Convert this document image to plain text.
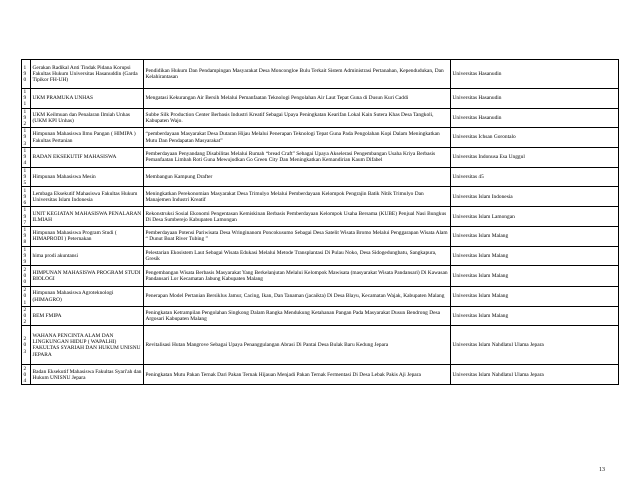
190	Gerakan Radikal Anti Tindak Pidana Korupsi Fakultas Hukum Universitas Hasanuddin (Garda Tipikor FH-UH)	Pendidikan Hukum Dan Pendampingan Masyarakat Desa Moncongloe Bulu Terkait Sistem Administrasi Pertanahan, Kependudukan, Dan Kelahirantasan	Universitas Hasanudin
191	UKM PRAMUKA UNHAS	Mengatasi Kekurangan Air Bersih Melalui Pemanfaatan Teknologi Pengolahan Air Laut Tepat Guna di Dusun Kuri Caddi	Universitas Hasanudin
192	UKM Keilmuan dan Penalaran Ilmiah Unhas (UKM KPI Unhas)	Subbe Silk Production Center Berbasis Industri Kreatif Sebagai Upaya Peningkatan Kearifan Lokal Kain Sutera Khas Desa Tangkoli, Kabupaten Wajo.	Universitas Hasanudin
193	Himpunan Mahasiswa Ilmu Pangan ( HIMIPA ) Fakultas Pertanian	“pemberdayaan Masyarakat Desa Dutaran Hijau Melalui Penerapan Teknologi Tepat Guna Pada Pengolahan Kopi Dalam Meningkatkan Mutu Dan Pendapatan Masyarakat”	Universitas Ichsan Gorontalo
194	BADAN EKSEKUTIF MAHASISWA	Pemberdayaan Penyandang Disabilitas Melalui Rumah “bread Craft” Sebagai Upaya Akselerasi Pengembangan Usaha Kriya Berbasis Pemanfaatan Limbah Roti Guna Mewujudkan Go Green City Dan Meningkatkan Kemandirian Kaum Difabel	Universitas Indonusa Esa Unggul
195	Himpunan Mahasiswa Mesin	Membangun Kampung Drafter	Universitas 45
196	Lembaga Eksekutif Mahasiswa Fakultas Hukum Universitas Islam Indonesia	Meningkatkan Perekonomian Masyarakat Desa Trimulyo Melalui Pemberdayaan Kelompok Pengrajin Batik Nitik Trimulyo Dan Manajemen Industri Kreatif	Universitas Islam Indonesia
197	UNIT KEGIATAN MAHASISWA PENALARAN ILMIAH	Rekonstruksi Sosial Ekonomi Pengentasan Kemiskinan Berbasis Pemberdayaan Kelompok Usaha Bersama (KUBE) Penjual Nasi Bungkus Di Desa Sumberejo Kabupaten Lamongan	Universitas Islam Lamongan
198	Himpunan Mahasiswa Program Studi ( HIMAPRODI ) Peternakan	Pemberdayaan Potensi Pariwisata Desa Wringinanom Poncokusumo Sebagai Desa Satelit Wisata Bromo Melalui Penggarapan Wisata Alam “ Dunut Boat River Tubing ”	Universitas Islam Malang
199	hima prodi akuntansi	Pelestarian Ekosistem Laut Sebagai Wisata Edukasi Melalui Metode Transplantasi Di Pulau Noko, Desa Sidogedungbatu, Sangkapura, Gresik	Universitas Islam Malang
200	HIMPUNAN MAHASISWA PROGRAM STUDI BIOLOGI	Pengembangan Wisata Berbasis Masyarakat Yang Berkelanjutan Melalui Kelompok Mawisata (masyarakat Wisata Pandansari) Di Kawasan Pandansari Lor Kecamatan Jabung Kabupaten Malang	Universitas Islam Malang
201	Himpunan Mahasiswa Agroteknologi (HIMAGRO)	Penerapan Model Pertanian Bersiklus Jamur, Cacing, Ikan, Dan Tanaman (jacaikta) Di Desa Blayu, Kecamatan Wajak, Kabupaten Malang	Universitas Islam Malang
202	BEM FMIPA	Peningkatan Ketrampilan Pengolahan Singkong Dalam Rangka Mendukung Ketahanan Pangan Pada Masyarakat Dusun Bendrong Desa Argosari Kabupaten Malang	Universitas Islam Malang
203	WAHANA PENCINTA ALAM DAN LINGKUNGAN HIDUP ( WAPALHI) FAKULTAS SYARIAH DAN HUKUM UNISNU JEPARA	Revitalisasi Hutan Mangrove Sebagai Upaya Penanggulangan Abrasi Di Pantai Desa Bulak Baru Kedung Jepara	Universitas Islam Nahdlatul Ulama Jepara
204	Badan Eksekutif Mahasiswa Fakultas Syari'ah dan Hukum UNISNU Jepara	Peningkatan Mutu Pakan Ternak Dari Pakan Ternak Hijauan Menjadi Pakan Ternak Fermentasi Di Desa Lebak Pakis Aji Jepara	Universitas Islam Nahdlatul Ulama Jepara
13
